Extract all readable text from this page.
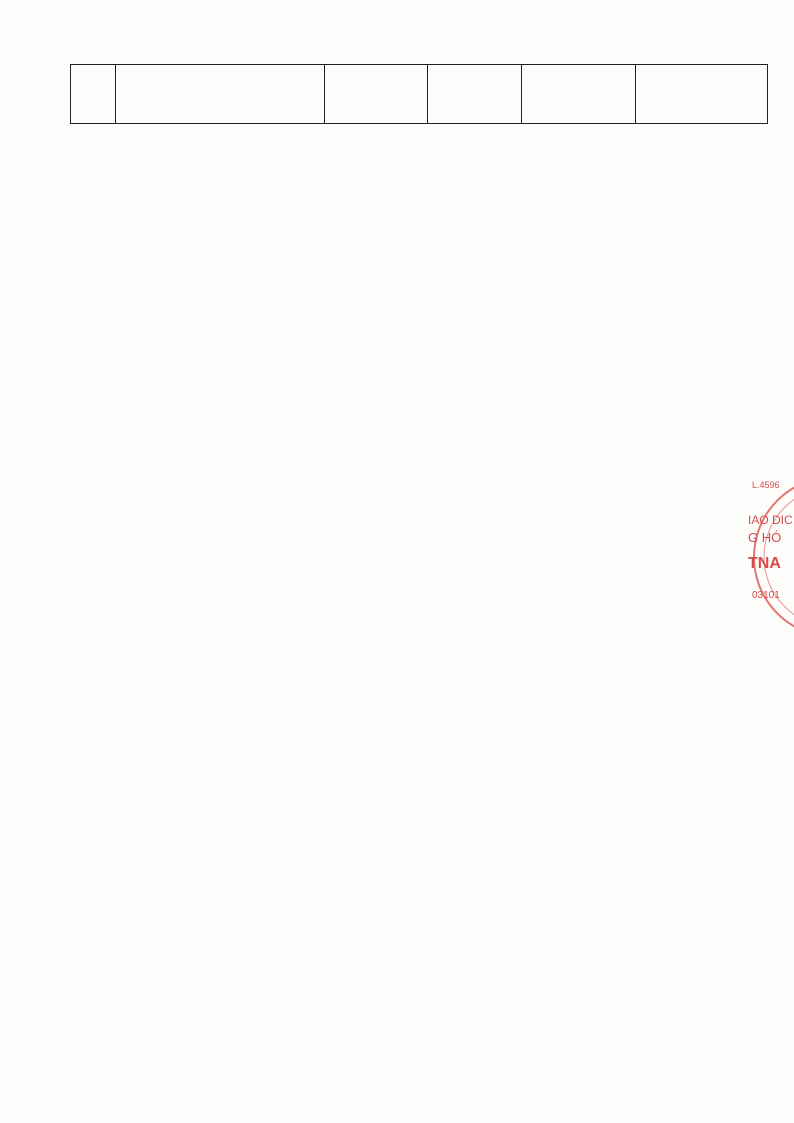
L.4596
IAO DIC
G HÓ
TNA
03101
